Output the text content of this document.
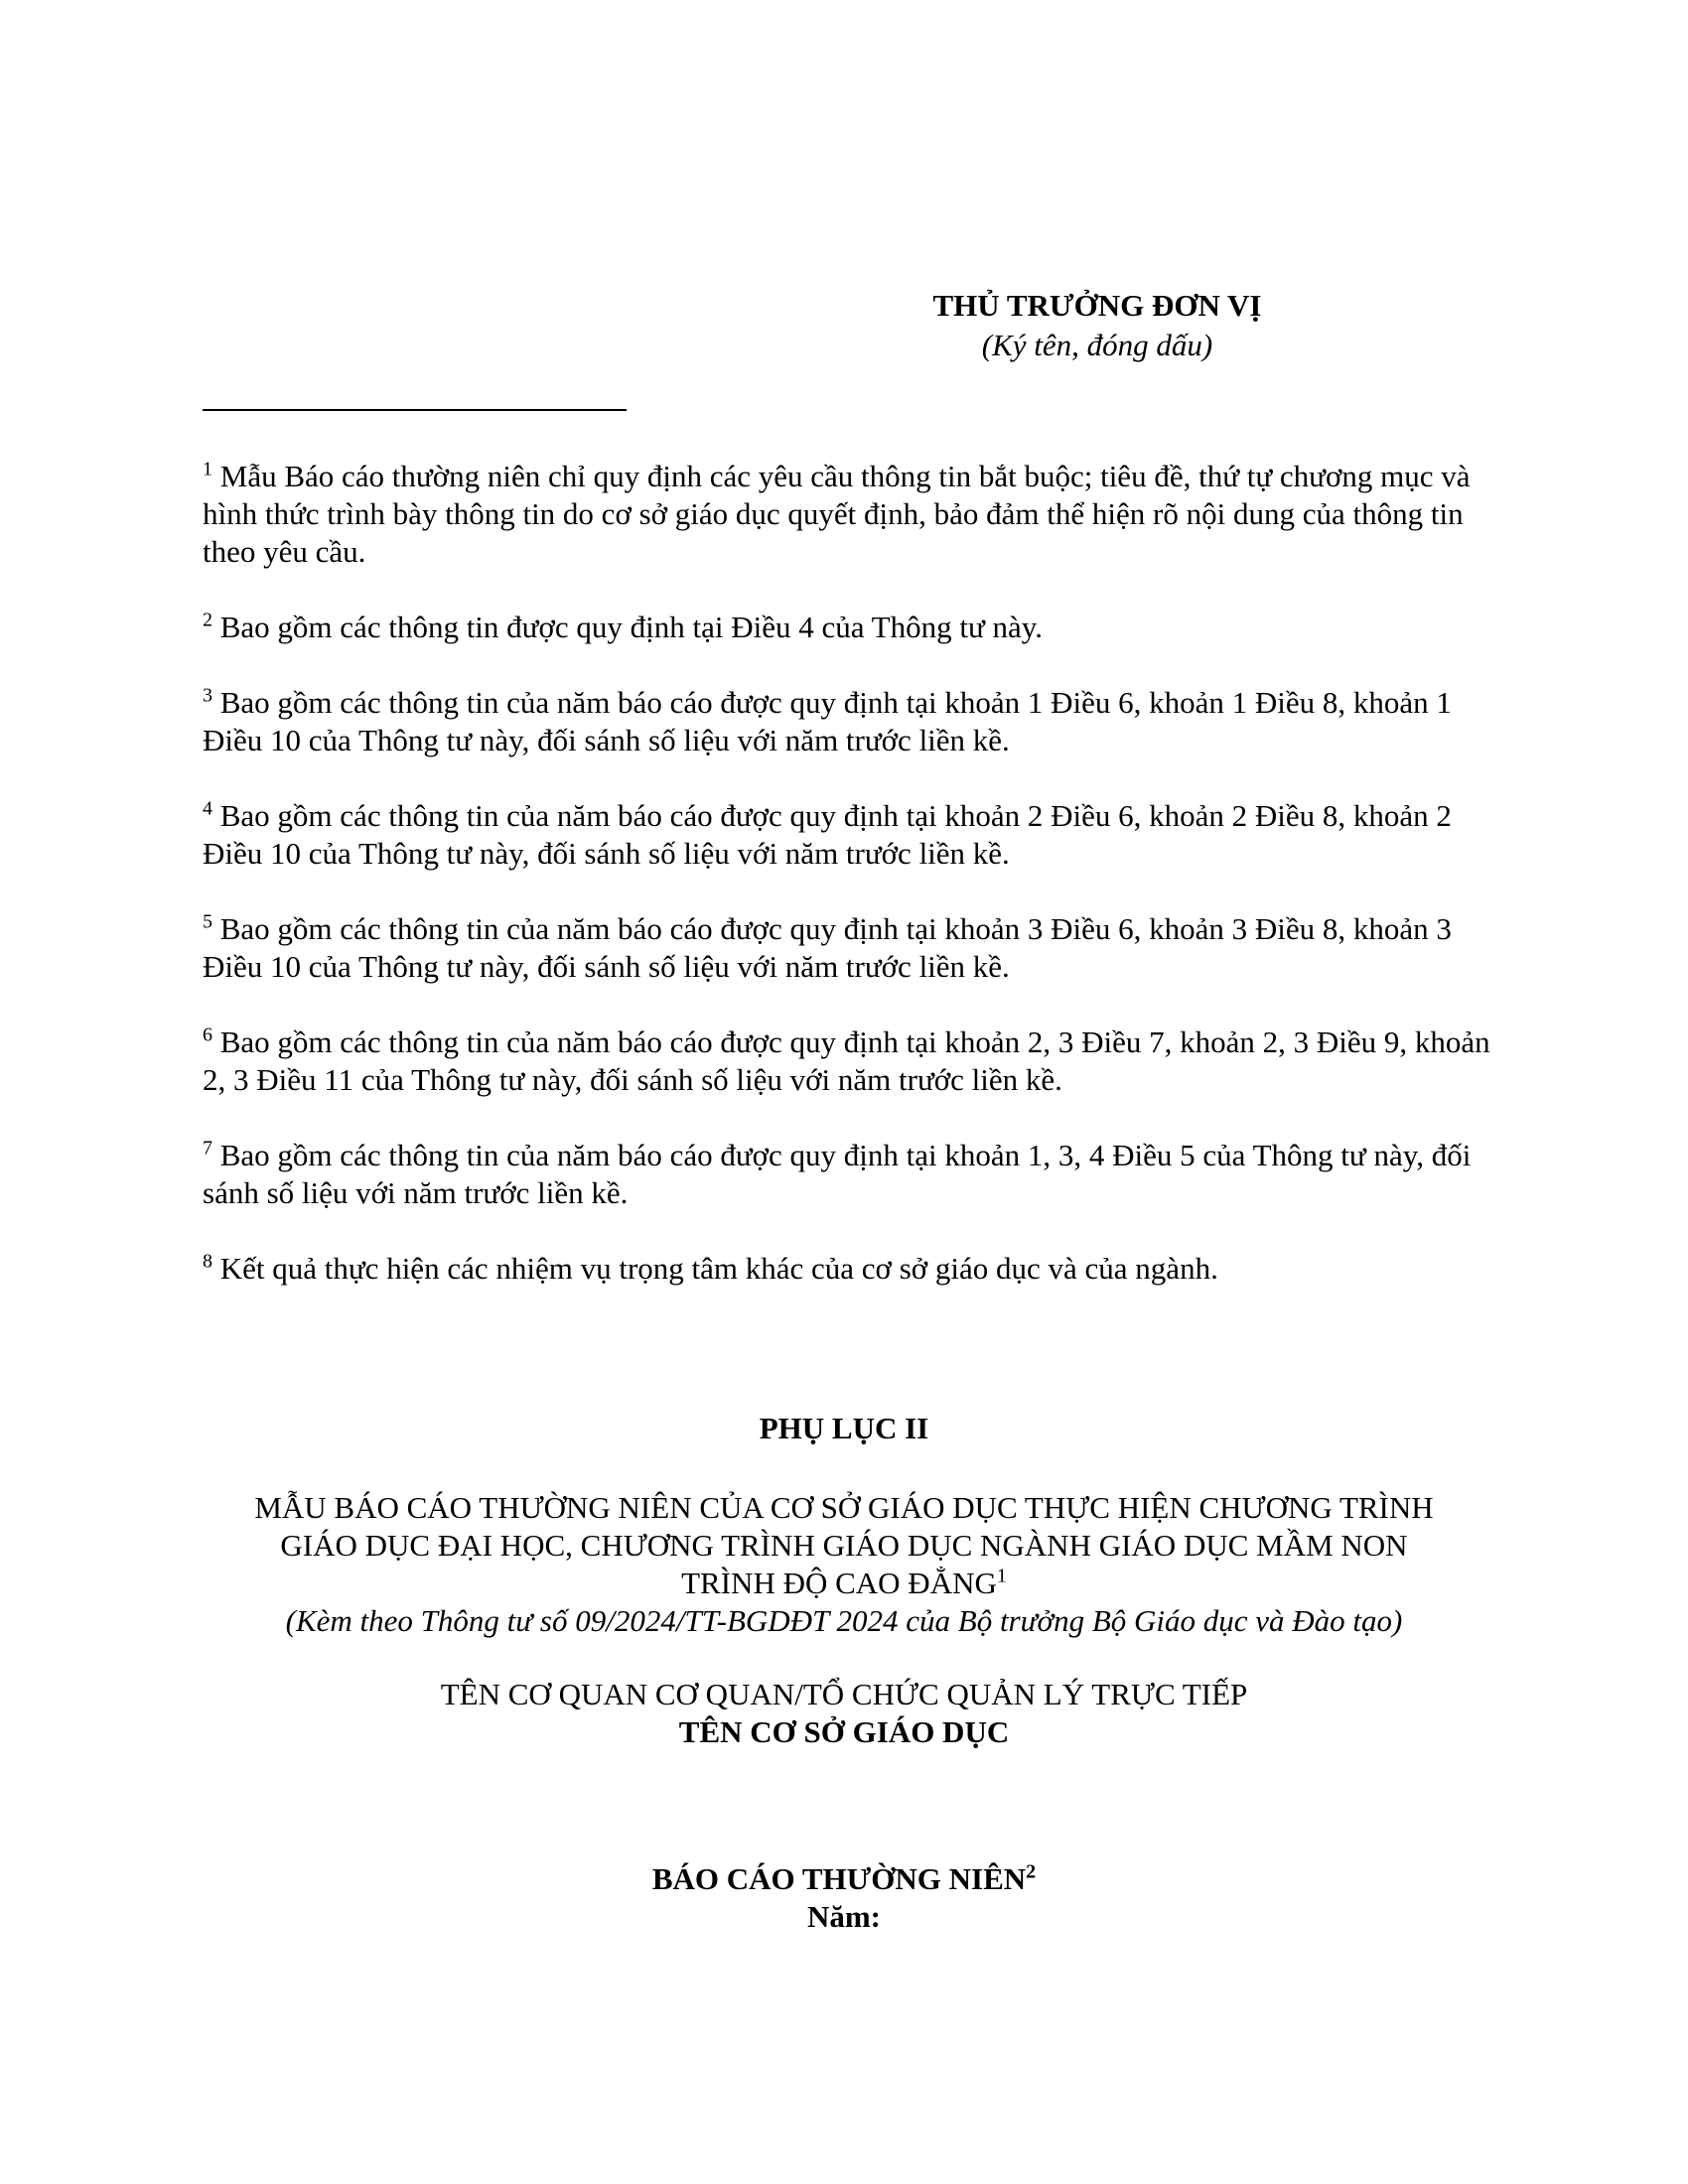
THỦ TRƯỞNG ĐƠN VỊ
(Ký tên, đóng dấu)

$^1$ Mẫu Báo cáo thường niên chỉ quy định các yêu cầu thông tin bắt buộc; tiêu đề, thứ tự chương mục và hình thức trình bày thông tin do cơ sở giáo dục quyết định, bảo đảm thể hiện rõ nội dung của thông tin theo yêu cầu.

$^2$ Bao gồm các thông tin được quy định tại Điều 4 của Thông tư này.

$^3$ Bao gồm các thông tin của năm báo cáo được quy định tại khoản 1 Điều 6, khoản 1 Điều 8, khoản 1 Điều 10 của Thông tư này, đối sánh số liệu với năm trước liền kề.

$^4$ Bao gồm các thông tin của năm báo cáo được quy định tại khoản 2 Điều 6, khoản 2 Điều 8, khoản 2 Điều 10 của Thông tư này, đối sánh số liệu với năm trước liền kề.

$^5$ Bao gồm các thông tin của năm báo cáo được quy định tại khoản 3 Điều 6, khoản 3 Điều 8, khoản 3 Điều 10 của Thông tư này, đối sánh số liệu với năm trước liền kề.

$^6$ Bao gồm các thông tin của năm báo cáo được quy định tại khoản 2, 3 Điều 7, khoản 2, 3 Điều 9, khoản 2, 3 Điều 11 của Thông tư này, đối sánh số liệu với năm trước liền kề.

$^7$ Bao gồm các thông tin của năm báo cáo được quy định tại khoản 1, 3, 4 Điều 5 của Thông tư này, đối sánh số liệu với năm trước liền kề.

$^8$ Kết quả thực hiện các nhiệm vụ trọng tâm khác của cơ sở giáo dục và của ngành.

PHỤ LỤC II
MẪU BÁO CÁO THƯỜNG NIÊN CỦA CƠ SỞ GIÁO DỤC THỰC HIỆN CHƯƠNG TRÌNH
GIÁO DỤC ĐẠI HỌC, CHƯƠNG TRÌNH GIÁO DỤC NGÀNH GIÁO DỤC MẦM NON
TRÌNH ĐỘ CAO ĐẲNG$^1$
(Kèm theo Thông tư số 09/2024/TT-BGDĐT 2024 của Bộ trưởng Bộ Giáo dục và Đào tạo)
TÊN CƠ QUAN CƠ QUAN/TỔ CHỨC QUẢN LÝ TRỰC TIẾP
TÊN CƠ SỞ GIÁO DỤC
BÁO CÁO THƯỜNG NIÊN$^2$
Năm:
